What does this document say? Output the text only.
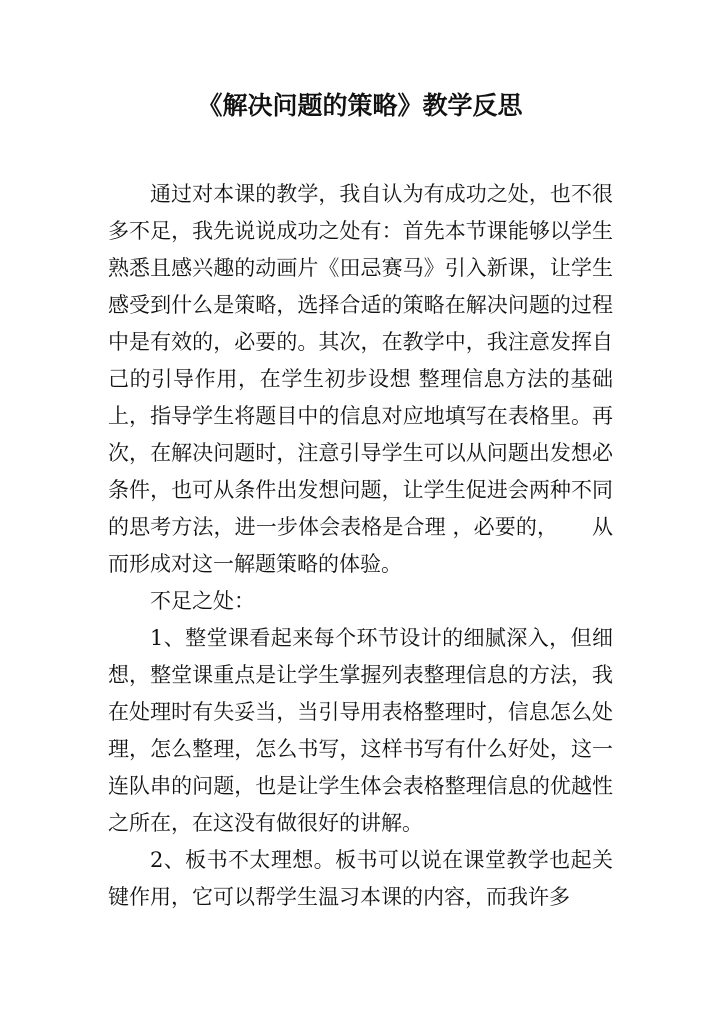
《解决问题的策略》教学反思

通过对本课的教学，我自认为有成功之处，也不很多不足，我先说说成功之处有：首先本节课能够以学生熟悉且感兴趣的动画片《田忌赛马》引入新课，让学生感受到什么是策略，选择合适的策略在解决问题的过程中是有效的，必要的。其次，在教学中，我注意发挥自己的引导作用，在学生初步设想 整理信息方法的基础上，指导学生将题目中的信息对应地填写在表格里。再次，在解决问题时，注意引导学生可以从问题出发想必条件，也可从条件出发想问题，让学生促进会两种不同的思考方法，进一步体会表格是合理 ，必要的，     从而形成对这一解题策略的体验。

不足之处：

1、整堂课看起来每个环节设计的细腻深入，但细想，整堂课重点是让学生掌握列表整理信息的方法，我在处理时有失妥当，当引导用表格整理时，信息怎么处理，怎么整理，怎么书写，这样书写有什么好处，这一连队串的问题，也是让学生体会表格整理信息的优越性之所在，在这没有做很好的讲解。

2、板书不太理想。板书可以说在课堂教学也起关键作用，它可以帮学生温习本课的内容，而我许多
